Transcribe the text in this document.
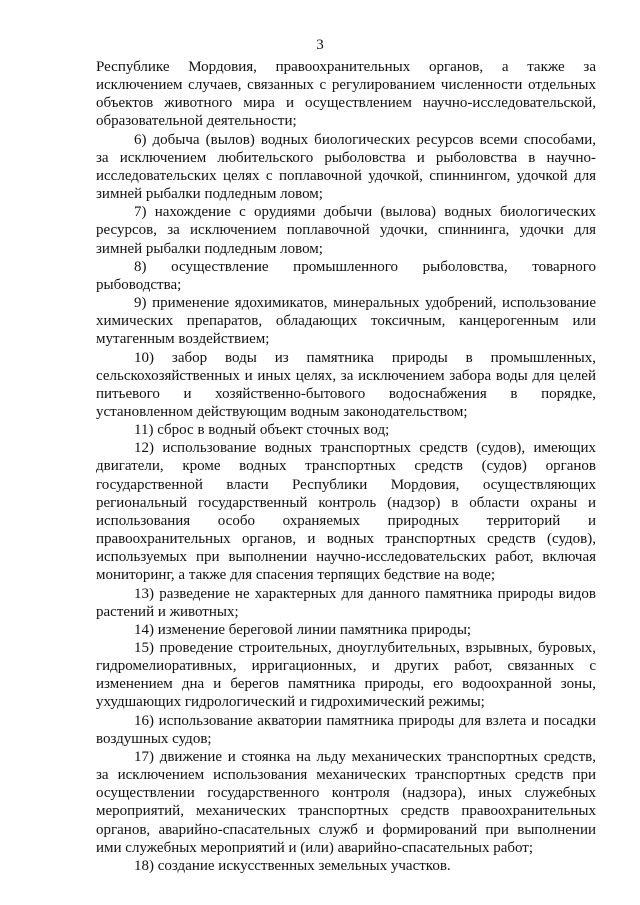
3

Республике Мордовия, правоохранительных органов, а также за исключением случаев, связанных с регулированием численности отдельных объектов животного мира и осуществлением научно-исследовательской, образовательной деятельности;

6) добыча (вылов) водных биологических ресурсов всеми способами, за исключением любительского рыболовства и рыболовства в научно-исследовательских целях с поплавочной удочкой, спиннингом, удочкой для зимней рыбалки подледным ловом;

7) нахождение с орудиями добычи (вылова) водных биологических ресурсов, за исключением поплавочной удочки, спиннинга, удочки для зимней рыбалки подледным ловом;

8) осуществление промышленного рыболовства, товарного рыбоводства;

9) применение ядохимикатов, минеральных удобрений, использование химических препаратов, обладающих токсичным, канцерогенным или мутагенным воздействием;

10) забор воды из памятника природы в промышленных, сельскохозяйственных и иных целях, за исключением забора воды для целей питьевого и хозяйственно-бытового водоснабжения в порядке, установленном действующим водным законодательством;

11) сброс в водный объект сточных вод;

12) использование водных транспортных средств (судов), имеющих двигатели, кроме водных транспортных средств (судов) органов государственной власти Республики Мордовия, осуществляющих региональный государственный контроль (надзор) в области охраны и использования особо охраняемых природных территорий и правоохранительных органов, и водных транспортных средств (судов), используемых при выполнении научно-исследовательских работ, включая мониторинг, а также для спасения терпящих бедствие на воде;

13) разведение не характерных для данного памятника природы видов растений и животных;

14) изменение береговой линии памятника природы;

15) проведение строительных, дноуглубительных, взрывных, буровых, гидромелиоративных, ирригационных, и других работ, связанных с изменением дна и берегов памятника природы, его водоохранной зоны, ухудшающих гидрологический и гидрохимический режимы;

16) использование акватории памятника природы для взлета и посадки воздушных судов;

17) движение и стоянка на льду механических транспортных средств, за исключением использования механических транспортных средств при осуществлении государственного контроля (надзора), иных служебных мероприятий, механических транспортных средств правоохранительных органов, аварийно-спасательных служб и формирований при выполнении ими служебных мероприятий и (или) аварийно-спасательных работ;

18) создание искусственных земельных участков.
